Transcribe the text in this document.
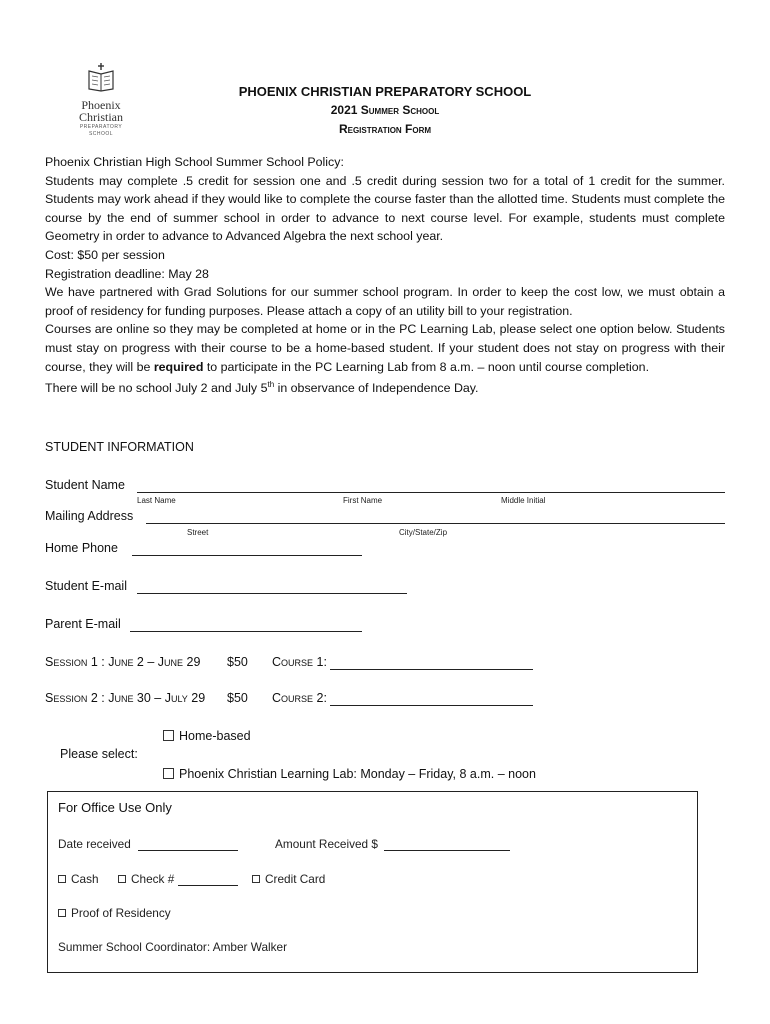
Phoenix
Christian
PREPARATORY
SCHOOL
PHOENIX CHRISTIAN PREPARATORY SCHOOL
2021 Summer School
Registration Form

Phoenix Christian High School Summer School Policy:

Students may complete .5 credit for session one and .5 credit during session two for a total of 1 credit for the summer. Students may work ahead if they would like to complete the course faster than the allotted time. Students must complete the course by the end of summer school in order to advance to next course level. For example, students must complete Geometry in order to advance to Advanced Algebra the next school year.

Cost: $50 per session

Registration deadline: May 28

We have partnered with Grad Solutions for our summer school program. In order to keep the cost low, we must obtain a proof of residency for funding purposes. Please attach a copy of an utility bill to your registration.

Courses are online so they may be completed at home or in the PC Learning Lab, please select one option below. Students must stay on progress with their course to be a home-based student. If your student does not stay on progress with their course, they will be required to participate in the PC Learning Lab from 8 a.m. – noon until course completion.

There will be no school July 2 and July 5th in observance of Independence Day.

STUDENT INFORMATION
Student Name
Last Name	First Name	Middle Initial
Mailing Address
Street	City/State/Zip
Home Phone
Student E-mail
Parent E-mail
Session 1 : June 2 – June 29 $50 Course 1:
Session 2 : June 30 – July 29 $50 Course 2:
Please select:
Home-based
Phoenix Christian Learning Lab: Monday – Friday, 8 a.m. – noon
For Office Use Only
Date received	Amount Received $
Cash	Check #	Credit Card
Proof of Residency
Summer School Coordinator: Amber Walker
